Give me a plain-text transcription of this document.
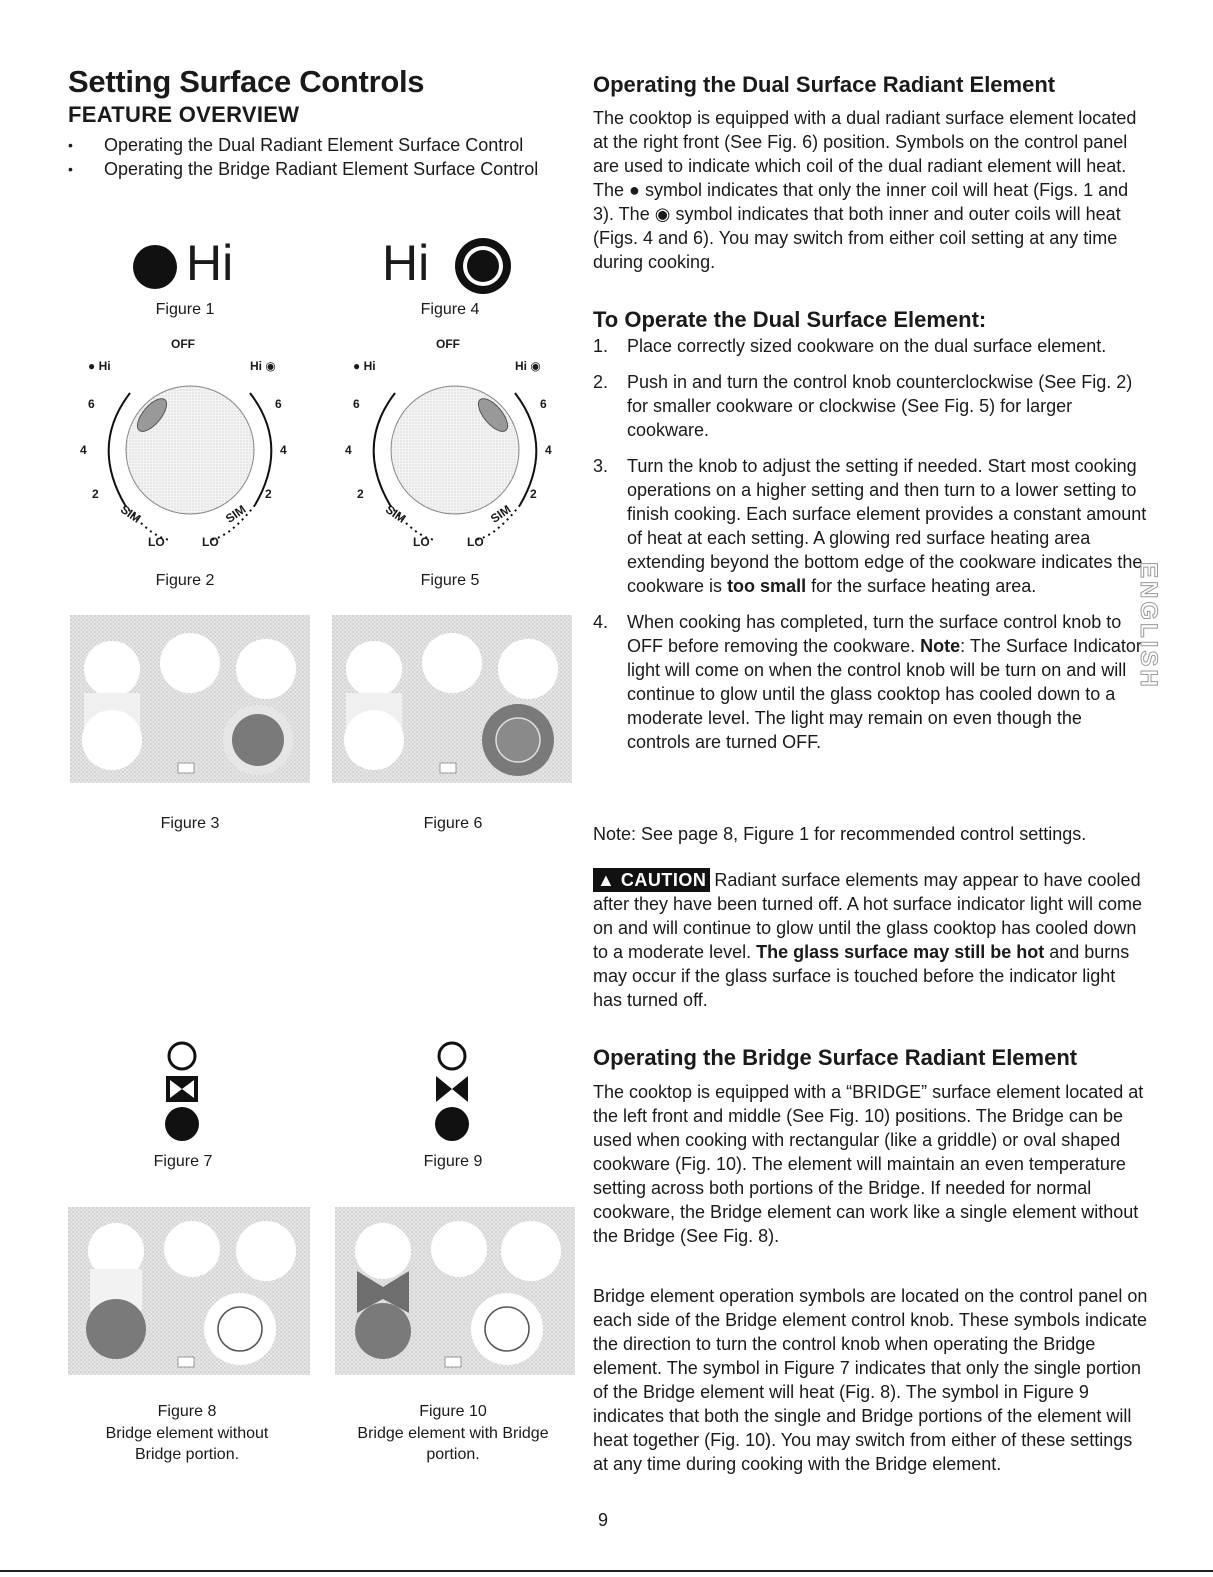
Setting Surface Controls
FEATURE OVERVIEW
• Operating the Dual Radiant Element Surface Control
• Operating the Bridge Radiant Element Surface Control
Hi
Figure 1
Hi
Figure 4
OFF
● Hi	Hi ◉
6	6
4	4
2	2
SIM	SIM
LO	LO
Figure 2
OFF
● Hi	Hi ◉
6	6
4	4
2	2
SIM	SIM
LO	LO
Figure 5
Figure 3	Figure 6
Figure 7	Figure 9
Figure 8
Bridge element without
Bridge portion.
Figure 10
Bridge element with Bridge
portion.
Operating the Dual Surface Radiant Element
The cooktop is equipped with a dual radiant surface element located at the right front (See Fig. 6) position. Symbols on the control panel are used to indicate which coil of the dual radiant element will heat. The ● symbol indicates that only the inner coil will heat (Figs. 1 and 3). The ◉ symbol indicates that both inner and outer coils will heat (Figs. 4 and 6). You may switch from either coil setting at any time during cooking.
To Operate the Dual Surface Element:
1. Place correctly sized cookware on the dual surface element.
2. Push in and turn the control knob counterclockwise (See Fig. 2) for smaller cookware or clockwise (See Fig. 5) for larger cookware.
3. Turn the knob to adjust the setting if needed. Start most cooking operations on a higher setting and then turn to a lower setting to finish cooking. Each surface element provides a constant amount of heat at each setting. A glowing red surface heating area extending beyond the bottom edge of the cookware indicates the cookware is too small for the surface heating area.
4. When cooking has completed, turn the surface control knob to OFF before removing the cookware. Note: The Surface Indicator light will come on when the control knob will be turn on and will continue to glow until the glass cooktop has cooled down to a moderate level. The light may remain on even though the controls are turned OFF.
Note: See page 8, Figure 1 for recommended control settings.
▲ CAUTION Radiant surface elements may appear to have cooled after they have been turned off. A hot surface indicator light will come on and will continue to glow until the glass cooktop has cooled down to a moderate level. The glass surface may still be hot and burns may occur if the glass surface is touched before the indicator light has turned off.
Operating the Bridge Surface Radiant Element
The cooktop is equipped with a “BRIDGE” surface element located at the left front and middle (See Fig. 10) positions. The Bridge can be used when cooking with rectangular (like a griddle) or oval shaped cookware (Fig. 10). The element will maintain an even temperature setting across both portions of the Bridge. If needed for normal cookware, the Bridge element can work like a single element without the Bridge (See Fig. 8).
Bridge element operation symbols are located on the control panel on each side of the Bridge element control knob. These symbols indicate the direction to turn the control knob when operating the Bridge element. The symbol in Figure 7 indicates that only the single portion of the Bridge element will heat (Fig. 8). The symbol in Figure 9 indicates that both the single and Bridge portions of the element will heat together (Fig. 10). You may switch from either of these settings at any time during cooking with the Bridge element.
9
ENGLISH
